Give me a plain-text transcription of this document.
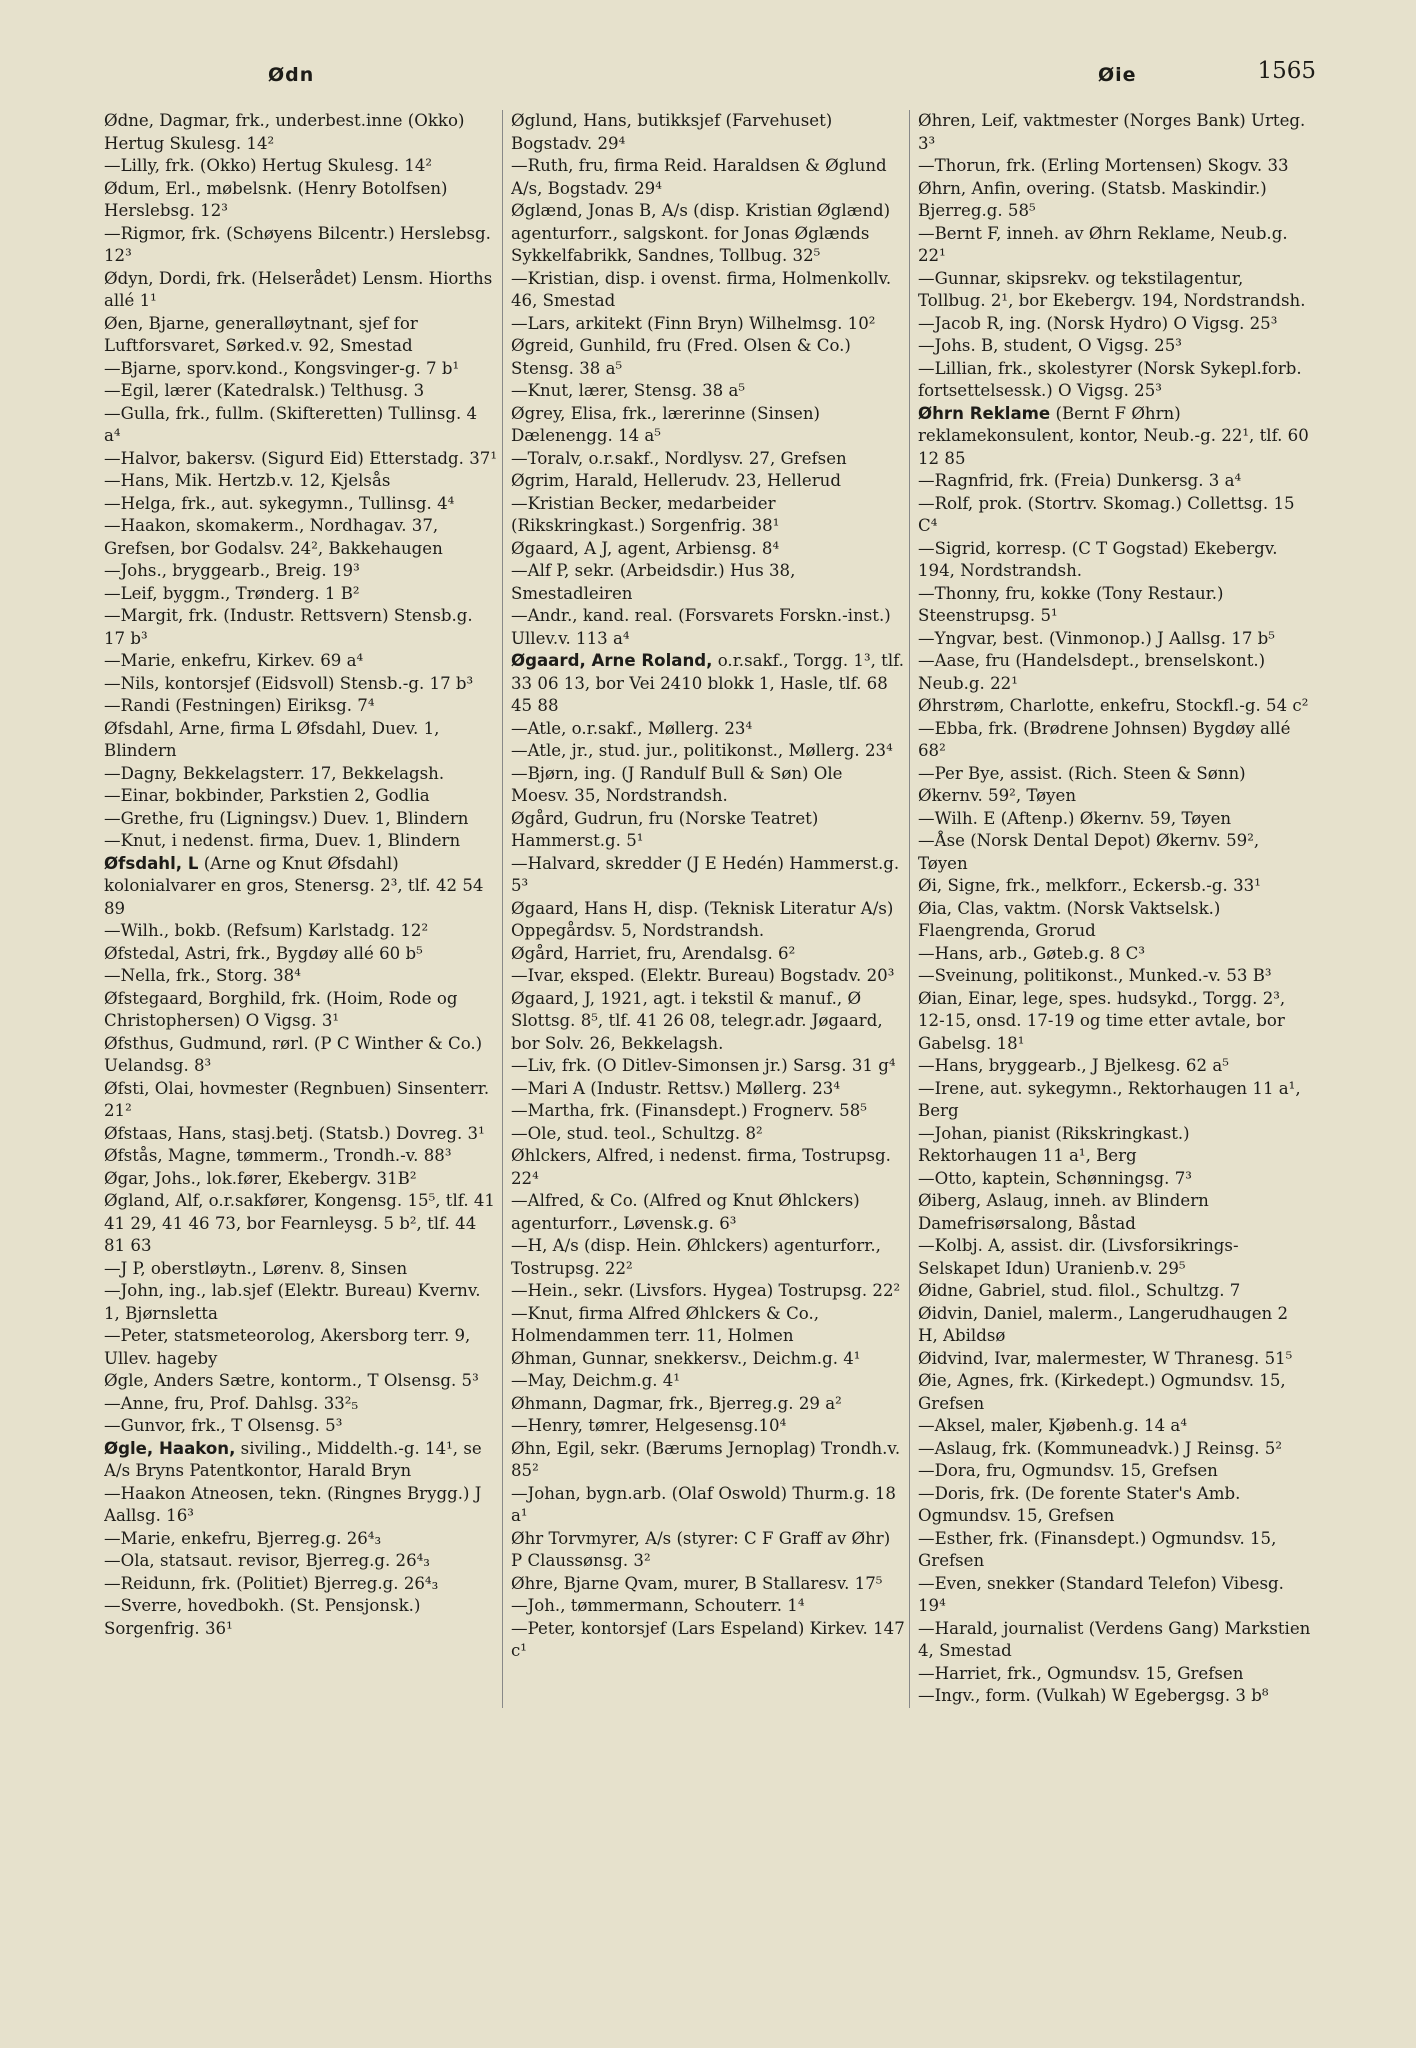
Ødn	Øie	1565
Ødne, Dagmar, frk., underbest.inne (Okko) Hertug Skulesg. 14²
—Lilly, frk. (Okko) Hertug Skulesg. 14²
Ødum, Erl., møbelsnk. (Henry Botolfsen) Herslebsg. 12³
—Rigmor, frk. (Schøyens Bilcentr.) Herslebsg. 12³
Ødyn, Dordi, frk. (Helserådet) Lensm. Hiorths allé 1¹
Øen, Bjarne, generalløytnant, sjef for Luftforsvaret, Sørked.v. 92, Smestad
—Bjarne, sporv.kond., Kongsvinger-g. 7 b¹
—Egil, lærer (Katedralsk.) Telthusg. 3
—Gulla, frk., fullm. (Skifteretten) Tullinsg. 4 a⁴
—Halvor, bakersv. (Sigurd Eid) Etterstadg. 37¹
—Hans, Mik. Hertzb.v. 12, Kjelsås
—Helga, frk., aut. sykegymn., Tullinsg. 4⁴
—Haakon, skomakerm., Nordhagav. 37, Grefsen, bor Godalsv. 24², Bakkehaugen
—Johs., bryggearb., Breig. 19³
—Leif, byggm., Trønderg. 1 B²
—Margit, frk. (Industr. Rettsvern) Stensb.g. 17 b³
—Marie, enkefru, Kirkev. 69 a⁴
—Nils, kontorsjef (Eidsvoll) Stensb.-g. 17 b³
—Randi (Festningen) Eiriksg. 7⁴
Øfsdahl, Arne, firma L Øfsdahl, Duev. 1, Blindern
—Dagny, Bekkelagsterr. 17, Bekkelagsh.
—Einar, bokbinder, Parkstien 2, Godlia
—Grethe, fru (Ligningsv.) Duev. 1, Blindern
—Knut, i nedenst. firma, Duev. 1, Blindern
Øfsdahl, L (Arne og Knut Øfsdahl) kolonialvarer en gros, Stenersg. 2³, tlf. 42 54 89
—Wilh., bokb. (Refsum) Karlstadg. 12²
Øfstedal, Astri, frk., Bygdøy allé 60 b⁵
—Nella, frk., Storg. 38⁴
Øfstegaard, Borghild, frk. (Hoim, Rode og Christophersen) O Vigsg. 3¹
Øfsthus, Gudmund, rørl. (P C Winther & Co.) Uelandsg. 8³
Øfsti, Olai, hovmester (Regnbuen) Sinsenterr. 21²
Øfstaas, Hans, stasj.betj. (Statsb.) Dovreg. 3¹
Øfstås, Magne, tømmerm., Trondh.-v. 88³
Øgar, Johs., lok.fører, Ekebergv. 31B²
Øgland, Alf, o.r.sakfører, Kongensg. 15⁵, tlf. 41 41 29, 41 46 73, bor Fearnleysg. 5 b², tlf. 44 81 63
—J P, oberstløytn., Lørenv. 8, Sinsen
—John, ing., lab.sjef (Elektr. Bureau) Kvernv. 1, Bjørnsletta
—Peter, statsmeteorolog, Akersborg terr. 9, Ullev. hageby
Øgle, Anders Sætre, kontorm., T Olsensg. 5³
—Anne, fru, Prof. Dahlsg. 33²₅
—Gunvor, frk., T Olsensg. 5³
Øgle, Haakon, siviling., Middelth.-g. 14¹, se A/s Bryns Patentkontor, Harald Bryn
—Haakon Atneosen, tekn. (Ringnes Brygg.) J Aallsg. 16³
—Marie, enkefru, Bjerreg.g. 26⁴₃
—Ola, statsaut. revisor, Bjerreg.g. 26⁴₃
—Reidunn, frk. (Politiet) Bjerreg.g. 26⁴₃
—Sverre, hovedbokh. (St. Pensjonsk.) Sorgenfrig. 36¹
Øglund, Hans, butikksjef (Farvehuset) Bogstadv. 29⁴
—Ruth, fru, firma Reid. Haraldsen & Øglund A/s, Bogstadv. 29⁴
Øglænd, Jonas B, A/s (disp. Kristian Øglænd) agenturforr., salgskont. for Jonas Øglænds Sykkelfabrikk, Sandnes, Tollbug. 32⁵
—Kristian, disp. i ovenst. firma, Holmenkollv. 46, Smestad
—Lars, arkitekt (Finn Bryn) Wilhelmsg. 10²
Øgreid, Gunhild, fru (Fred. Olsen & Co.) Stensg. 38 a⁵
—Knut, lærer, Stensg. 38 a⁵
Øgrey, Elisa, frk., lærerinne (Sinsen) Dælenengg. 14 a⁵
—Toralv, o.r.sakf., Nordlysv. 27, Grefsen
Øgrim, Harald, Hellerudv. 23, Hellerud
—Kristian Becker, medarbeider (Rikskringkast.) Sorgenfrig. 38¹
Øgaard, A J, agent, Arbiensg. 8⁴
—Alf P, sekr. (Arbeidsdir.) Hus 38, Smestadleiren
—Andr., kand. real. (Forsvarets Forskn.-inst.) Ullev.v. 113 a⁴
Øgaard, Arne Roland, o.r.sakf., Torgg. 1³, tlf. 33 06 13, bor Vei 2410 blokk 1, Hasle, tlf. 68 45 88
—Atle, o.r.sakf., Møllerg. 23⁴
—Atle, jr., stud. jur., politikonst., Møllerg. 23⁴
—Bjørn, ing. (J Randulf Bull & Søn) Ole Moesv. 35, Nordstrandsh.
Øgård, Gudrun, fru (Norske Teatret) Hammerst.g. 5¹
—Halvard, skredder (J E Hedén) Hammerst.g. 5³
Øgaard, Hans H, disp. (Teknisk Literatur A/s) Oppegårdsv. 5, Nordstrandsh.
Øgård, Harriet, fru, Arendalsg. 6²
—Ivar, eksped. (Elektr. Bureau) Bogstadv. 20³
Øgaard, J, 1921, agt. i tekstil & manuf., Ø Slottsg. 8⁵, tlf. 41 26 08, telegr.adr. Jøgaard, bor Solv. 26, Bekkelagsh.
—Liv, frk. (O Ditlev-Simonsen jr.) Sarsg. 31 g⁴
—Mari A (Industr. Rettsv.) Møllerg. 23⁴
—Martha, frk. (Finansdept.) Frognerv. 58⁵
—Ole, stud. teol., Schultzg. 8²
Øhlckers, Alfred, i nedenst. firma, Tostrupsg. 22⁴
—Alfred, & Co. (Alfred og Knut Øhlckers) agenturforr., Løvensk.g. 6³
—H, A/s (disp. Hein. Øhlckers) agenturforr., Tostrupsg. 22²
—Hein., sekr. (Livsfors. Hygea) Tostrupsg. 22²
—Knut, firma Alfred Øhlckers & Co., Holmendammen terr. 11, Holmen
Øhman, Gunnar, snekkersv., Deichm.g. 4¹
—May, Deichm.g. 4¹
Øhmann, Dagmar, frk., Bjerreg.g. 29 a²
—Henry, tømrer, Helgesensg.10⁴
Øhn, Egil, sekr. (Bærums Jernoplag) Trondh.v. 85²
—Johan, bygn.arb. (Olaf Oswold) Thurm.g. 18 a¹
Øhr Torvmyrer, A/s (styrer: C F Graff av Øhr) P Claussønsg. 3²
Øhre, Bjarne Qvam, murer, B Stallaresv. 17⁵
—Joh., tømmermann, Schouterr. 1⁴
—Peter, kontorsjef (Lars Espeland) Kirkev. 147 c¹
Øhren, Leif, vaktmester (Norges Bank) Urteg. 3³
—Thorun, frk. (Erling Mortensen) Skogv. 33
Øhrn, Anfin, overing. (Statsb. Maskindir.) Bjerreg.g. 58⁵
—Bernt F, inneh. av Øhrn Reklame, Neub.g. 22¹
—Gunnar, skipsrekv. og tekstilagentur, Tollbug. 2¹, bor Ekebergv. 194, Nordstrandsh.
—Jacob R, ing. (Norsk Hydro) O Vigsg. 25³
—Johs. B, student, O Vigsg. 25³
—Lillian, frk., skolestyrer (Norsk Sykepl.forb. fortsettelsessk.) O Vigsg. 25³
Øhrn Reklame (Bernt F Øhrn) reklamekonsulent, kontor, Neub.-g. 22¹, tlf. 60 12 85
—Ragnfrid, frk. (Freia) Dunkersg. 3 a⁴
—Rolf, prok. (Stortrv. Skomag.) Collettsg. 15 C⁴
—Sigrid, korresp. (C T Gogstad) Ekebergv. 194, Nordstrandsh.
—Thonny, fru, kokke (Tony Restaur.) Steenstrupsg. 5¹
—Yngvar, best. (Vinmonop.) J Aallsg. 17 b⁵
—Aase, fru (Handelsdept., brenselskont.) Neub.g. 22¹
Øhrstrøm, Charlotte, enkefru, Stockfl.-g. 54 c²
—Ebba, frk. (Brødrene Johnsen) Bygdøy allé 68²
—Per Bye, assist. (Rich. Steen & Sønn) Økernv. 59², Tøyen
—Wilh. E (Aftenp.) Økernv. 59, Tøyen
—Åse (Norsk Dental Depot) Økernv. 59², Tøyen
Øi, Signe, frk., melkforr., Eckersb.-g. 33¹
Øia, Clas, vaktm. (Norsk Vaktselsk.) Flaengrenda, Grorud
—Hans, arb., Gøteb.g. 8 C³
—Sveinung, politikonst., Munked.-v. 53 B³
Øian, Einar, lege, spes. hudsykd., Torgg. 2³, 12-15, onsd. 17-19 og time etter avtale, bor Gabelsg. 18¹
—Hans, bryggearb., J Bjelkesg. 62 a⁵
—Irene, aut. sykegymn., Rektorhaugen 11 a¹, Berg
—Johan, pianist (Rikskringkast.) Rektorhaugen 11 a¹, Berg
—Otto, kaptein, Schønningsg. 7³
Øiberg, Aslaug, inneh. av Blindern Damefrisørsalong, Båstad
—Kolbj. A, assist. dir. (Livsforsikrings-Selskapet Idun) Uranienb.v. 29⁵
Øidne, Gabriel, stud. filol., Schultzg. 7
Øidvin, Daniel, malerm., Langerudhaugen 2 H, Abildsø
Øidvind, Ivar, malermester, W Thranesg. 51⁵
Øie, Agnes, frk. (Kirkedept.) Ogmundsv. 15, Grefsen
—Aksel, maler, Kjøbenh.g. 14 a⁴
—Aslaug, frk. (Kommuneadvk.) J Reinsg. 5²
—Dora, fru, Ogmundsv. 15, Grefsen
—Doris, frk. (De forente Stater's Amb. Ogmundsv. 15, Grefsen
—Esther, frk. (Finansdept.) Ogmundsv. 15, Grefsen
—Even, snekker (Standard Telefon) Vibesg. 19⁴
—Harald, journalist (Verdens Gang) Markstien 4, Smestad
—Harriet, frk., Ogmundsv. 15, Grefsen
—Ingv., form. (Vulkah) W Egebergsg. 3 b⁸
